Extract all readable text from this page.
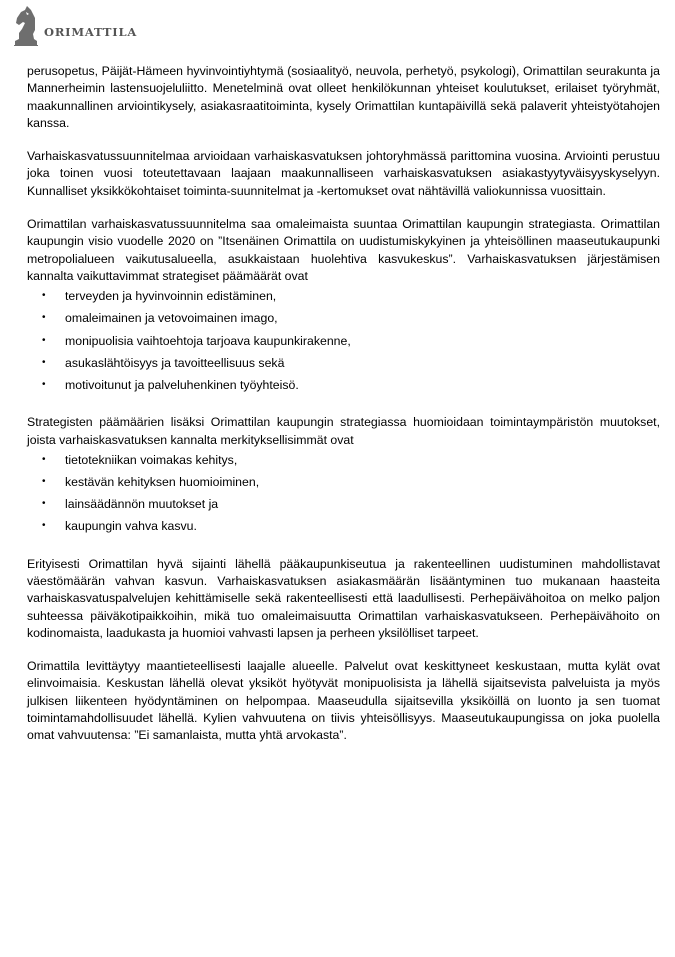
ORIMATTILA

perusopetus, Päijät-Hämeen hyvinvointiyhtymä (sosiaalityö, neuvola, perhetyö, psykologi), Orimattilan seurakunta ja Mannerheimin lastensuojeluliitto. Menetelminä ovat olleet henkilökunnan yhteiset koulutukset, erilaiset työryhmät, maakunnallinen arviointikysely, asiakasraatitoiminta, kysely Orimattilan kuntapäivillä sekä palaverit yhteistyötahojen kanssa.

Varhaiskasvatussuunnitelmaa arvioidaan varhaiskasvatuksen johtoryhmässä parittomina vuosina. Arviointi perustuu joka toinen vuosi toteutettavaan laajaan maakunnalliseen varhaiskasvatuksen asiakastyytyväisyyskyselyyn. Kunnalliset yksikkökohtaiset toiminta-suunnitelmat ja -kertomukset ovat nähtävillä valiokunnissa vuosittain.

Orimattilan varhaiskasvatussuunnitelma saa omaleimaista suuntaa Orimattilan kaupungin strategiasta. Orimattilan kaupungin visio vuodelle 2020 on ”Itsenäinen Orimattila on uudistumiskykyinen ja yhteisöllinen maaseutukaupunki metropolialueen vaikutusalueella, asukkaistaan huolehtiva kasvukeskus”. Varhaiskasvatuksen järjestämisen kannalta vaikuttavimmat strategiset päämäärät ovat

• terveyden ja hyvinvoinnin edistäminen,
• omaleimainen ja vetovoimainen imago,
• monipuolisia vaihtoehtoja tarjoava kaupunkirakenne,
• asukaslähtöisyys ja tavoitteellisuus sekä
• motivoitunut ja palveluhenkinen työyhteisö.

Strategisten päämäärien lisäksi Orimattilan kaupungin strategiassa huomioidaan toimintaympäristön muutokset, joista varhaiskasvatuksen kannalta merkityksellisimmät ovat

• tietotekniikan voimakas kehitys,
• kestävän kehityksen huomioiminen,
• lainsäädännön muutokset ja
• kaupungin vahva kasvu.

Erityisesti Orimattilan hyvä sijainti lähellä pääkaupunkiseutua ja rakenteellinen uudistuminen mahdollistavat väestömäärän vahvan kasvun. Varhaiskasvatuksen asiakasmäärän lisääntyminen tuo mukanaan haasteita varhaiskasvatuspalvelujen kehittämiselle sekä rakenteellisesti että laadullisesti. Perhepäivähoitoa on melko paljon suhteessa päiväkotipaikkoihin, mikä tuo omaleimaisuutta Orimattilan varhaiskasvatukseen. Perhepäivähoito on kodinomaista, laadukasta ja huomioi vahvasti lapsen ja perheen yksilölliset tarpeet.

Orimattila levittäytyy maantieteellisesti laajalle alueelle. Palvelut ovat keskittyneet keskustaan, mutta kylät ovat elinvoimaisia. Keskustan lähellä olevat yksiköt hyötyvät monipuolisista ja lähellä sijaitsevista palveluista ja myös julkisen liikenteen hyödyntäminen on helpompaa. Maaseudulla sijaitsevilla yksiköillä on luonto ja sen tuomat toimintamahdollisuudet lähellä. Kylien vahvuutena on tiivis yhteisöllisyys. Maaseutukaupungissa on joka puolella omat vahvuutensa: ”Ei samanlaista, mutta yhtä arvokasta”.
